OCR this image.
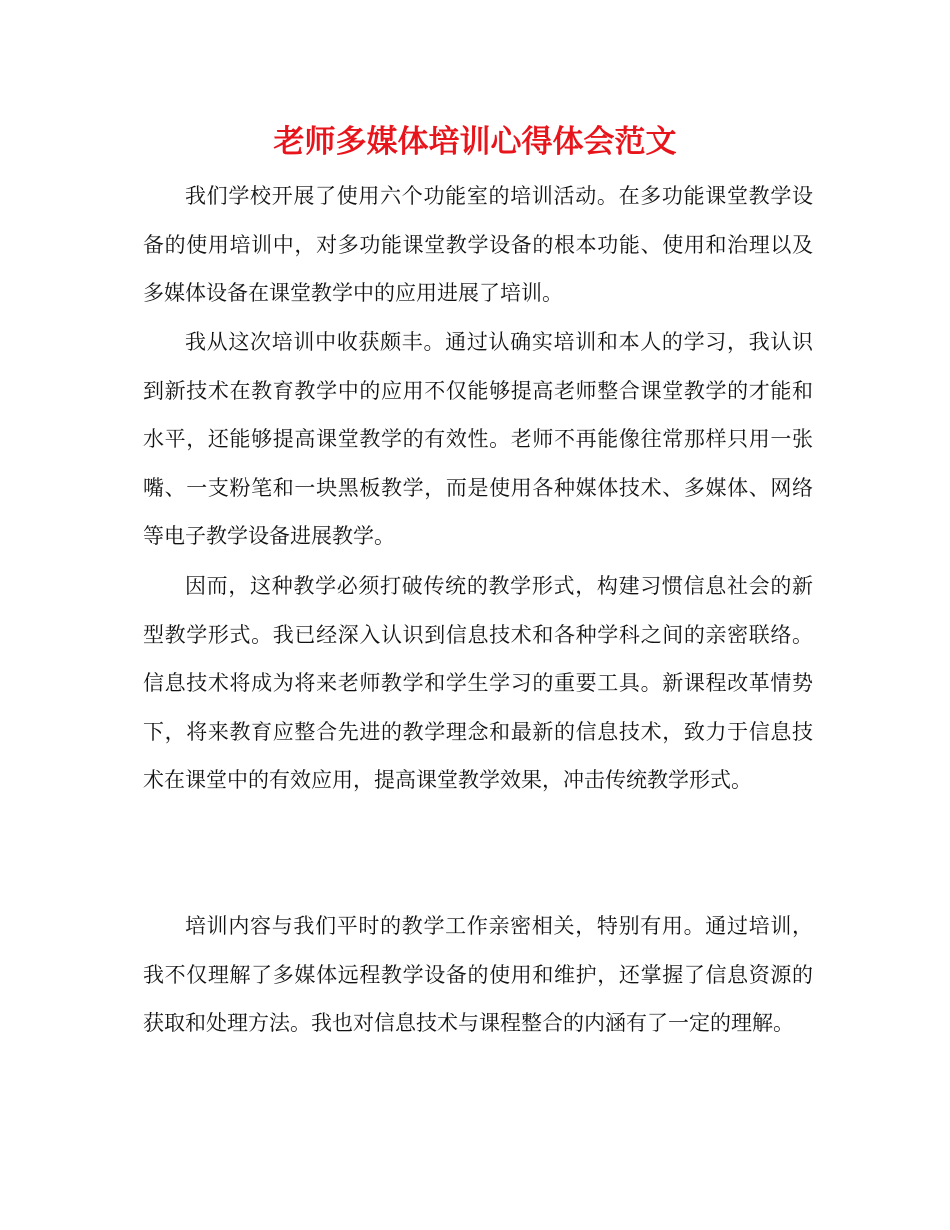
老师多媒体培训心得体会范文

我们学校开展了使用六个功能室的培训活动。在多功能课堂教学设备的使用培训中，对多功能课堂教学设备的根本功能、使用和治理以及多媒体设备在课堂教学中的应用进展了培训。

我从这次培训中收获颇丰。通过认确实培训和本人的学习，我认识到新技术在教育教学中的应用不仅能够提高老师整合课堂教学的才能和水平，还能够提高课堂教学的有效性。老师不再能像往常那样只用一张嘴、一支粉笔和一块黑板教学，而是使用各种媒体技术、多媒体、网络等电子教学设备进展教学。

因而，这种教学必须打破传统的教学形式，构建习惯信息社会的新型教学形式。我已经深入认识到信息技术和各种学科之间的亲密联络。信息技术将成为将来老师教学和学生学习的重要工具。新课程改革情势下，将来教育应整合先进的教学理念和最新的信息技术，致力于信息技术在课堂中的有效应用，提高课堂教学效果，冲击传统教学形式。

培训内容与我们平时的教学工作亲密相关，特别有用。通过培训，我不仅理解了多媒体远程教学设备的使用和维护，还掌握了信息资源的获取和处理方法。我也对信息技术与课程整合的内涵有了一定的理解。
